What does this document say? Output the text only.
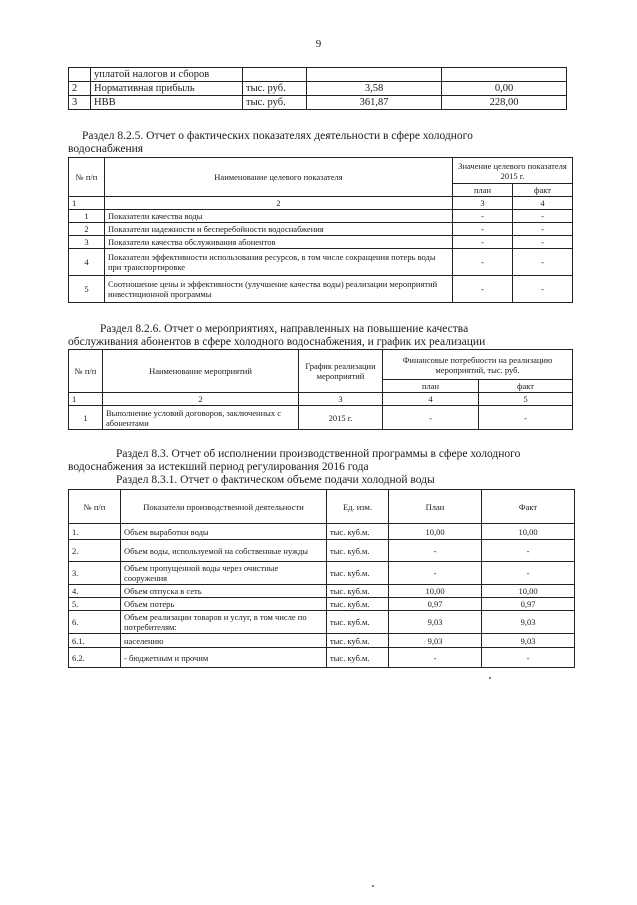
9
	уплатой налогов и сборов			
2	Нормативная прибыль	тыс. руб.	3,58	0,00
3	НВВ	тыс. руб.	361,87	228,00
Раздел 8.2.5. Отчет о фактических показателях деятельности в сфере холодного
водоснабжения
№ п/п	Наименование целевого показателя	Значение целевого показателя 2015 г.	
		план	факт
1	2	3	4
1	Показатели качества воды	-	-
2	Показатели надежности и бесперебойности водоснабжения	-	-
3	Показатели качества обслуживания абонентов	-	-
4	Показатели эффективности использования ресурсов, в том числе сокращения потерь воды при транспортировке	-	-
5	Соотношение цены и эффективности (улучшение качества воды) реализации мероприятий инвестиционной программы	-	-
Раздел 8.2.6. Отчет о мероприятиях, направленных на повышение качества
обслуживания абонентов в сфере холодного водоснабжения, и график их реализации
№ п/п	Наименование мероприятий	График реализации мероприятий	Финансовые потребности на реализацию мероприятий, тыс. руб.	
			план	факт
1	2	3	4	5
1	Выполнение условий договоров, заключенных с абонентами	2015 г.	-	-
Раздел 8.3. Отчет об исполнении производственной программы в сфере холодного
водоснабжения за истекший период регулирования 2016 года
Раздел 8.3.1. Отчет о фактическом объеме подачи холодной воды
№ п/п	Показатели производственной деятельности	Ед. изм.	План	Факт
1.	Объем выработки воды	тыс. куб.м.	10,00	10,00
2.	Объем воды, используемой на собственные нужды	тыс. куб.м.	-	-
3.	Объем пропущенной воды через очистные сооружения	тыс. куб.м.	-	-
4.	Объем отпуска в сеть	тыс. куб.м.	10,00	10,00
5.	Объем потерь	тыс. куб.м.	0,97	0,97
6.	Объем реализации товаров и услуг, в том числе по потребителям:	тыс. куб.м.	9,03	9,03
6.1.	населению	тыс. куб.м.	9,03	9,03
6.2.	- бюджетным и прочим	тыс. куб.м.	-	-
